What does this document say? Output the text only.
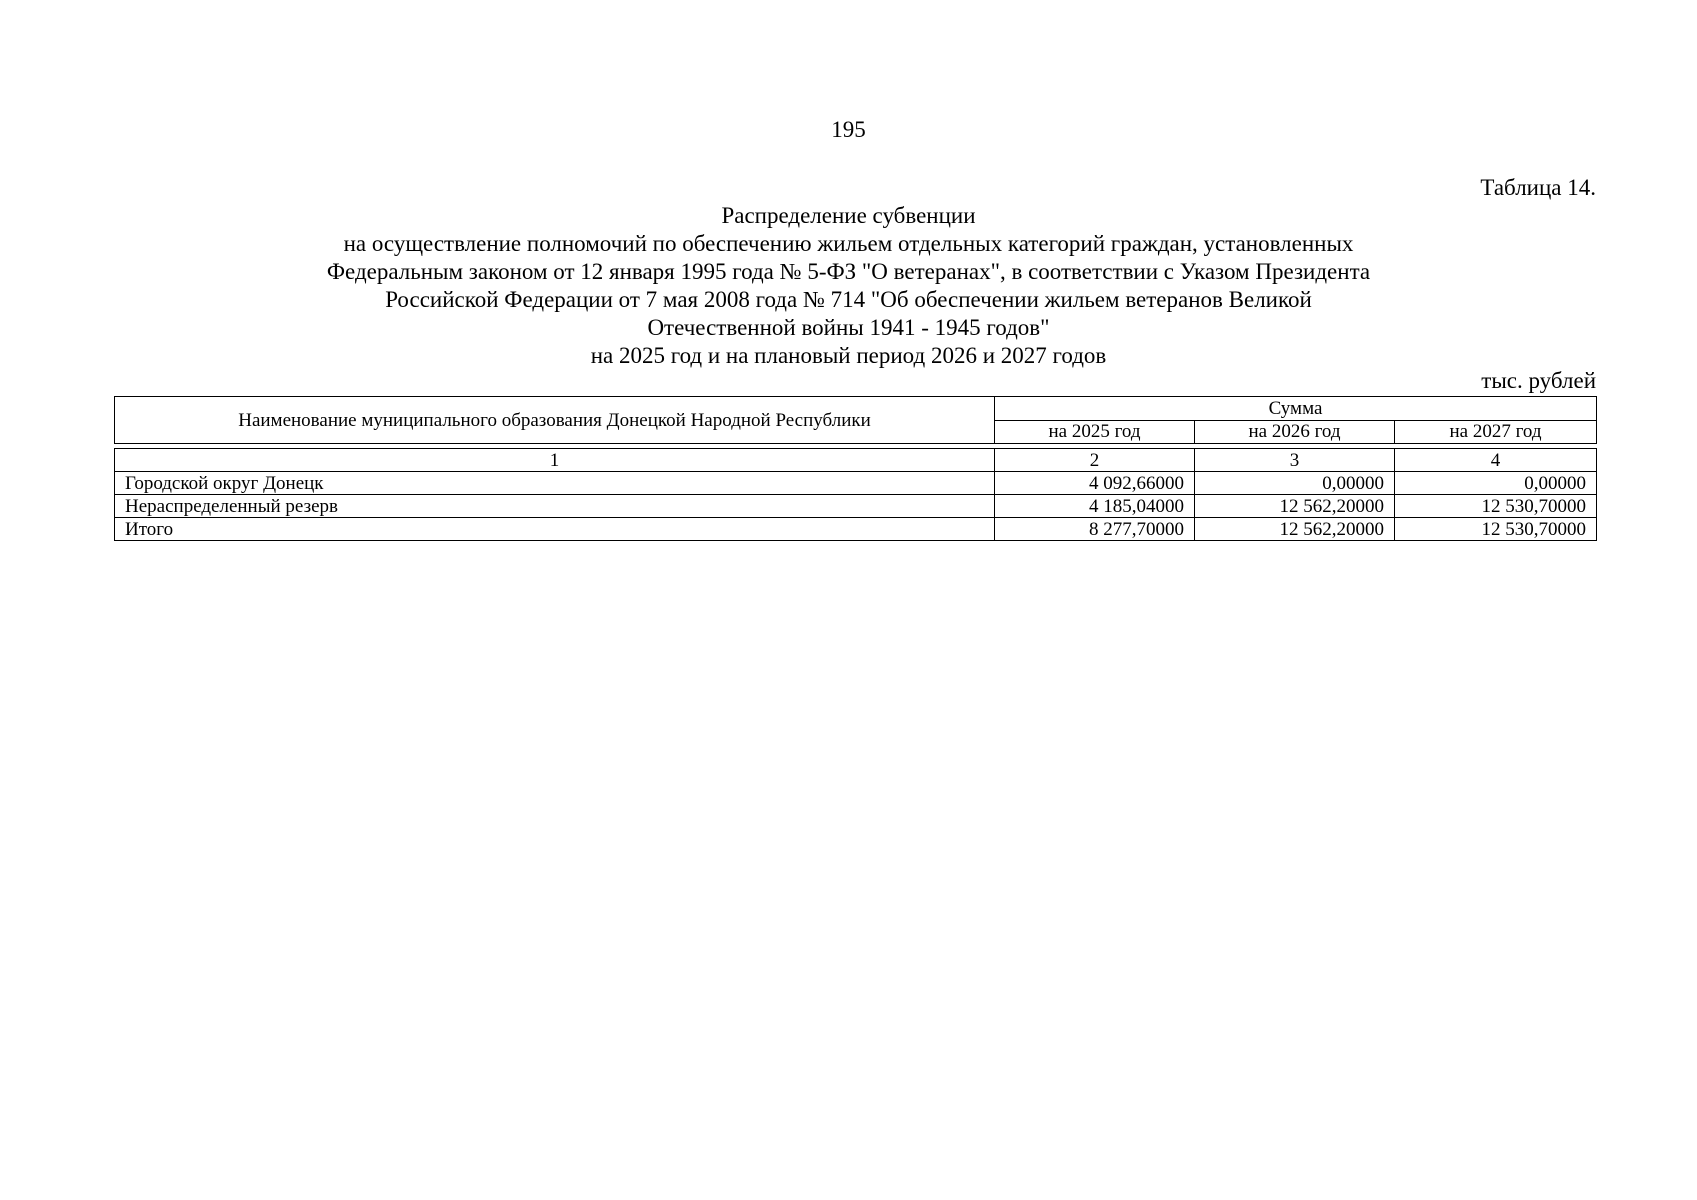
195
Таблица 14.
Распределение субвенции
на осуществление полномочий по обеспечению жильем отдельных категорий граждан, установленных
Федеральным законом от 12 января 1995 года № 5-ФЗ "О ветеранах", в соответствии с Указом Президента
Российской Федерации от 7 мая 2008 года № 714 "Об обеспечении жильем ветеранов Великой
Отечественной войны 1941 - 1945 годов"
на 2025 год и на плановый период 2026 и 2027 годов
тыс. рублей
Наименование муниципального образования Донецкой Народной Республики	Сумма		
	на 2025 год	на 2026 год	на 2027 год
1	2	3	4
Городской округ Донецк	4 092,66000	0,00000	0,00000
Нераспределенный резерв	4 185,04000	12 562,20000	12 530,70000
Итого	8 277,70000	12 562,20000	12 530,70000
